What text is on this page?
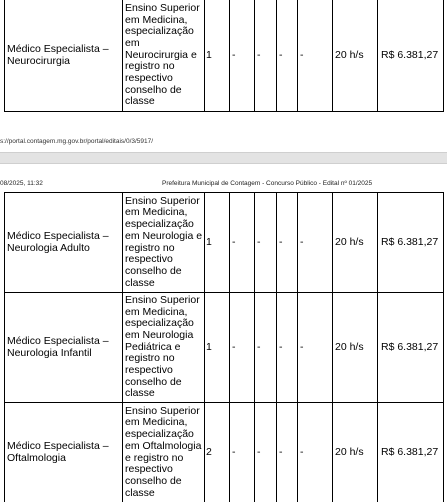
Médico Especialista – Neurocirurgia	Ensino Superior em Medicina, especialização em Neurocirurgia e registro no respectivo conselho de classe	1	-	-	-	-	20 h/s	R$ 6.381,27
s://portal.contagem.mg.gov.br/portal/editais/0/3/5917/
08/2025, 11:32	Prefeitura Municipal de Contagem - Concurso Público - Edital nº 01/2025
Médico Especialista – Neurologia Adulto	Ensino Superior em Medicina, especialização em Neurologia e registro no respectivo conselho de classe	1	-	-	-	-	20 h/s	R$ 6.381,27
Médico Especialista – Neurologia Infantil	Ensino Superior em Medicina, especialização em Neurologia Pediátrica e registro no respectivo conselho de classe	1	-	-	-	-	20 h/s	R$ 6.381,27
Médico Especialista – Oftalmologia	Ensino Superior em Medicina, especialização em Oftalmologia e registro no respectivo conselho de classe	2	-	-	-	-	20 h/s	R$ 6.381,27
